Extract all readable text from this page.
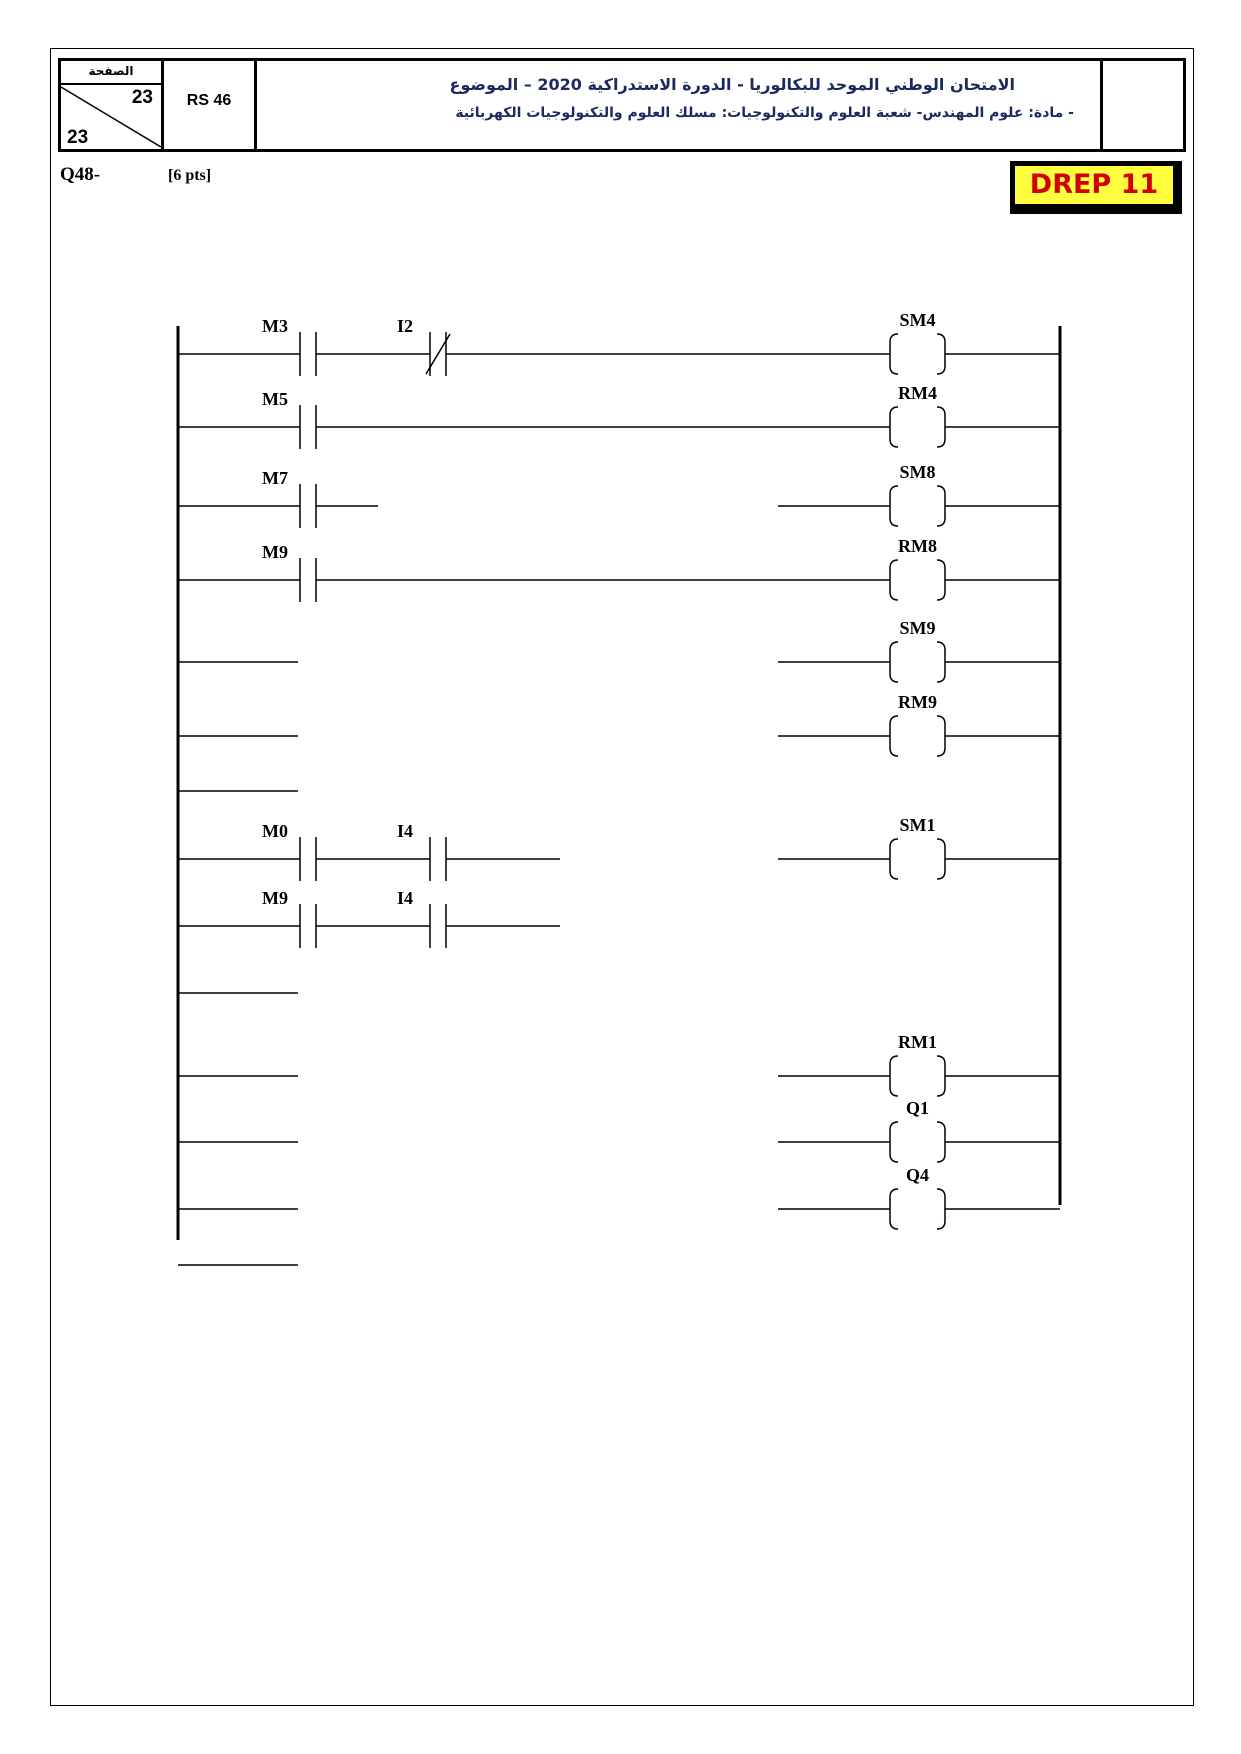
الصفحة
23
23
RS 46
الامتحان الوطني الموحد للبكالوريا - الدورة الاستدراكية 2020 – الموضوع
- مادة: علوم المهندس- شعبة العلوم والتكنولوجيات: مسلك العلوم والتكنولوجيات الكهربائية
Q48-	[6 pts]	DREP 11
M3	I2	SM4
M5	RM4
M7	SM8
M9	RM8
SM9
RM9
M0	I4	SM1
M9	I4
RM1
Q1
Q4
